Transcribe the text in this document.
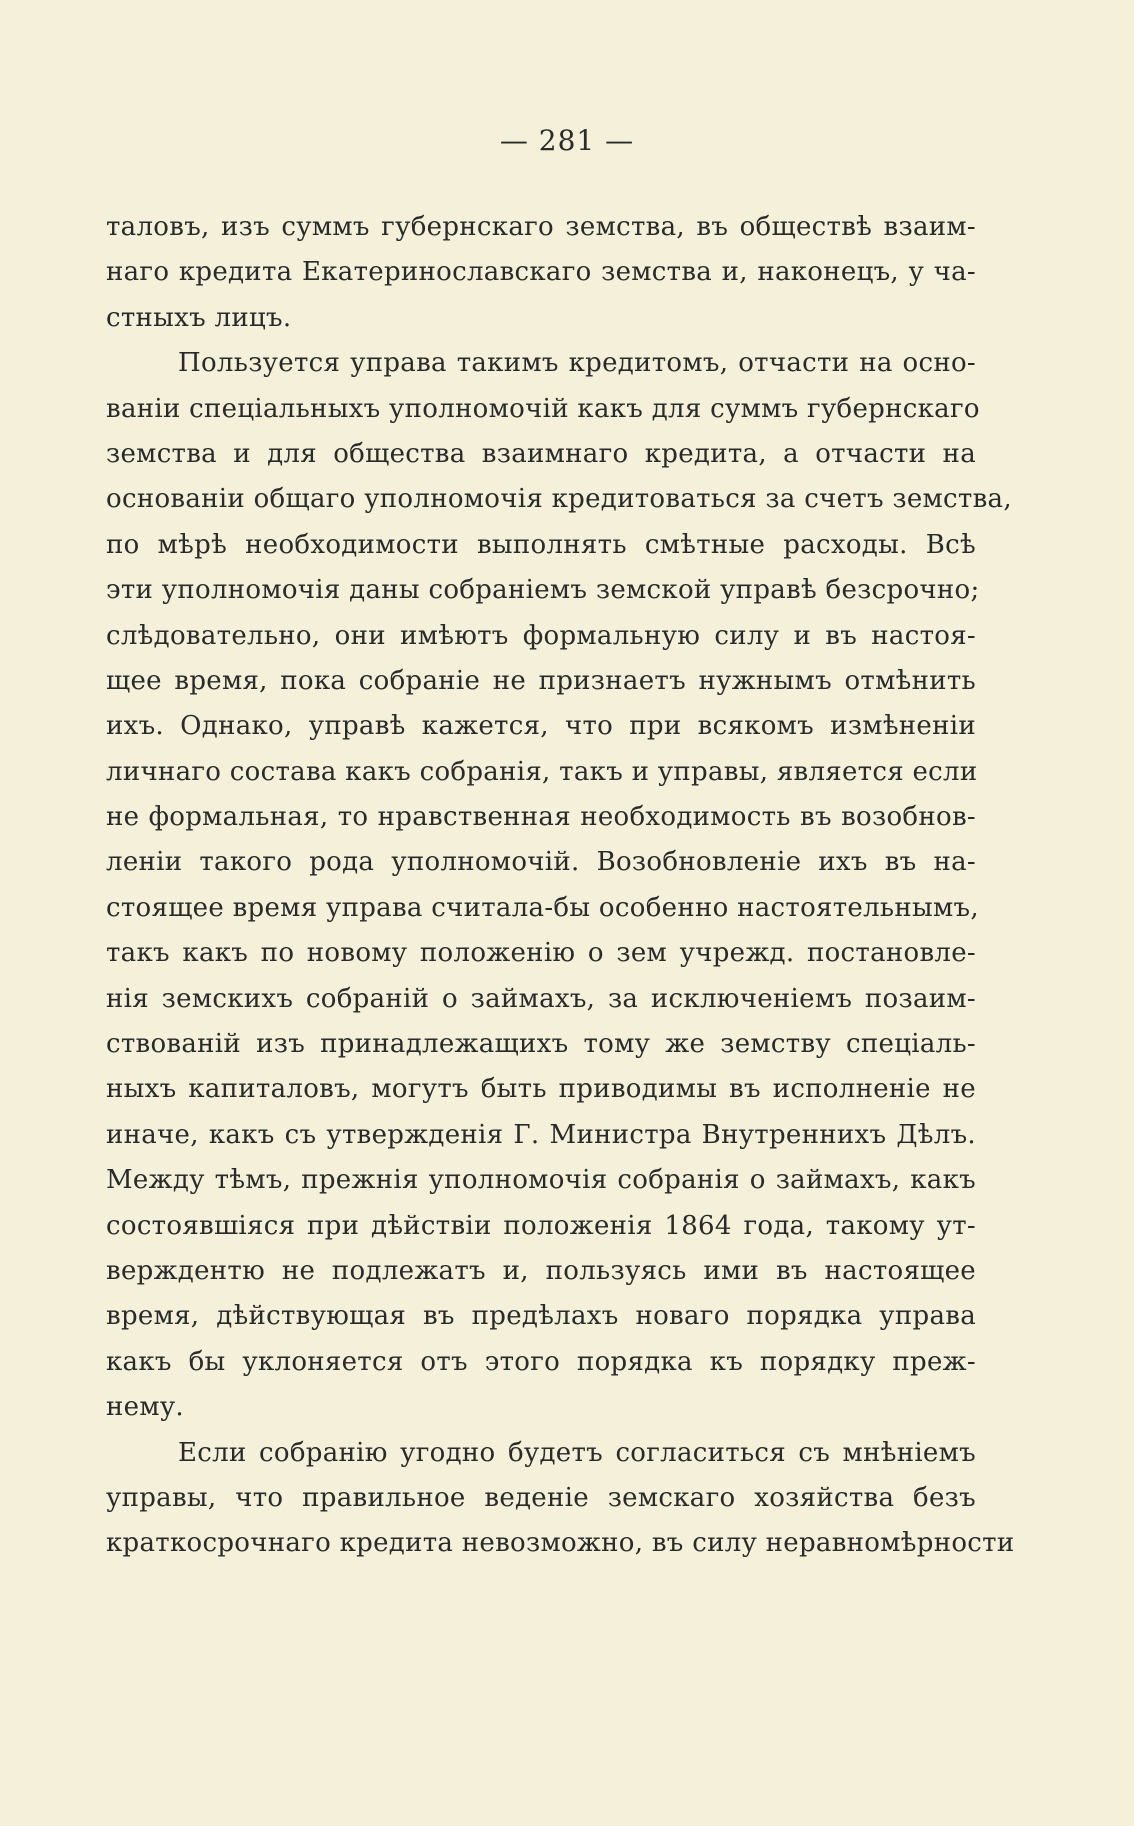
— 281 —
таловъ, изъ суммъ губернскаго земства, въ обществѣ взаим-
наго кредита Екатеринославскаго земства и, наконецъ, у ча-
стныхъ лицъ.
Пользуется управа такимъ кредитомъ, отчасти на осно-
ванiи спецiальныхъ уполномочiй какъ для суммъ губернскаго
земства и для общества взаимнаго кредита, а отчасти на
основанiи общаго уполномочiя кредитоваться за счетъ земства,
по мѣрѣ необходимости выполнять смѣтные расходы. Всѣ
эти уполномочiя даны собранiемъ земской управѣ безсрочно;
слѣдовательно, они имѣютъ формальную силу и въ настоя-
щее время, пока собранiе не признаетъ нужнымъ отмѣнить
ихъ. Однако, управѣ кажется, что при всякомъ измѣненiи
личнаго состава какъ собранiя, такъ и управы, является если
не формальная, то нравственная необходимость въ возобнов-
ленiи такого рода уполномочiй. Возобновленiе ихъ въ на-
стоящее время управа считала-бы особенно настоятельнымъ,
такъ какъ по новому положенiю о зем учрежд. постановле-
нiя земскихъ собранiй о займахъ, за исключенiемъ позаим-
ствованiй изъ принадлежащихъ тому же земству спецiаль-
ныхъ капиталовъ, могутъ быть приводимы въ исполненiе не
иначе, какъ съ утвержденiя Г. Министра Внутреннихъ Дѣлъ.
Между тѣмъ, прежнiя уполномочiя собранiя о займахъ, какъ
состоявшiяся при дѣйствiи положенiя 1864 года, такому ут-
верждентю не подлежатъ и, пользуясь ими въ настоящее
время, дѣйствующая въ предѣлахъ новаго порядка управа
какъ бы уклоняется отъ этого порядка къ порядку преж-
нему.
Если собранiю угодно будетъ согласиться съ мнѣнiемъ
управы, что правильное веденiе земскаго хозяйства безъ
краткосрочнаго кредита невозможно, въ силу неравномѣрности
